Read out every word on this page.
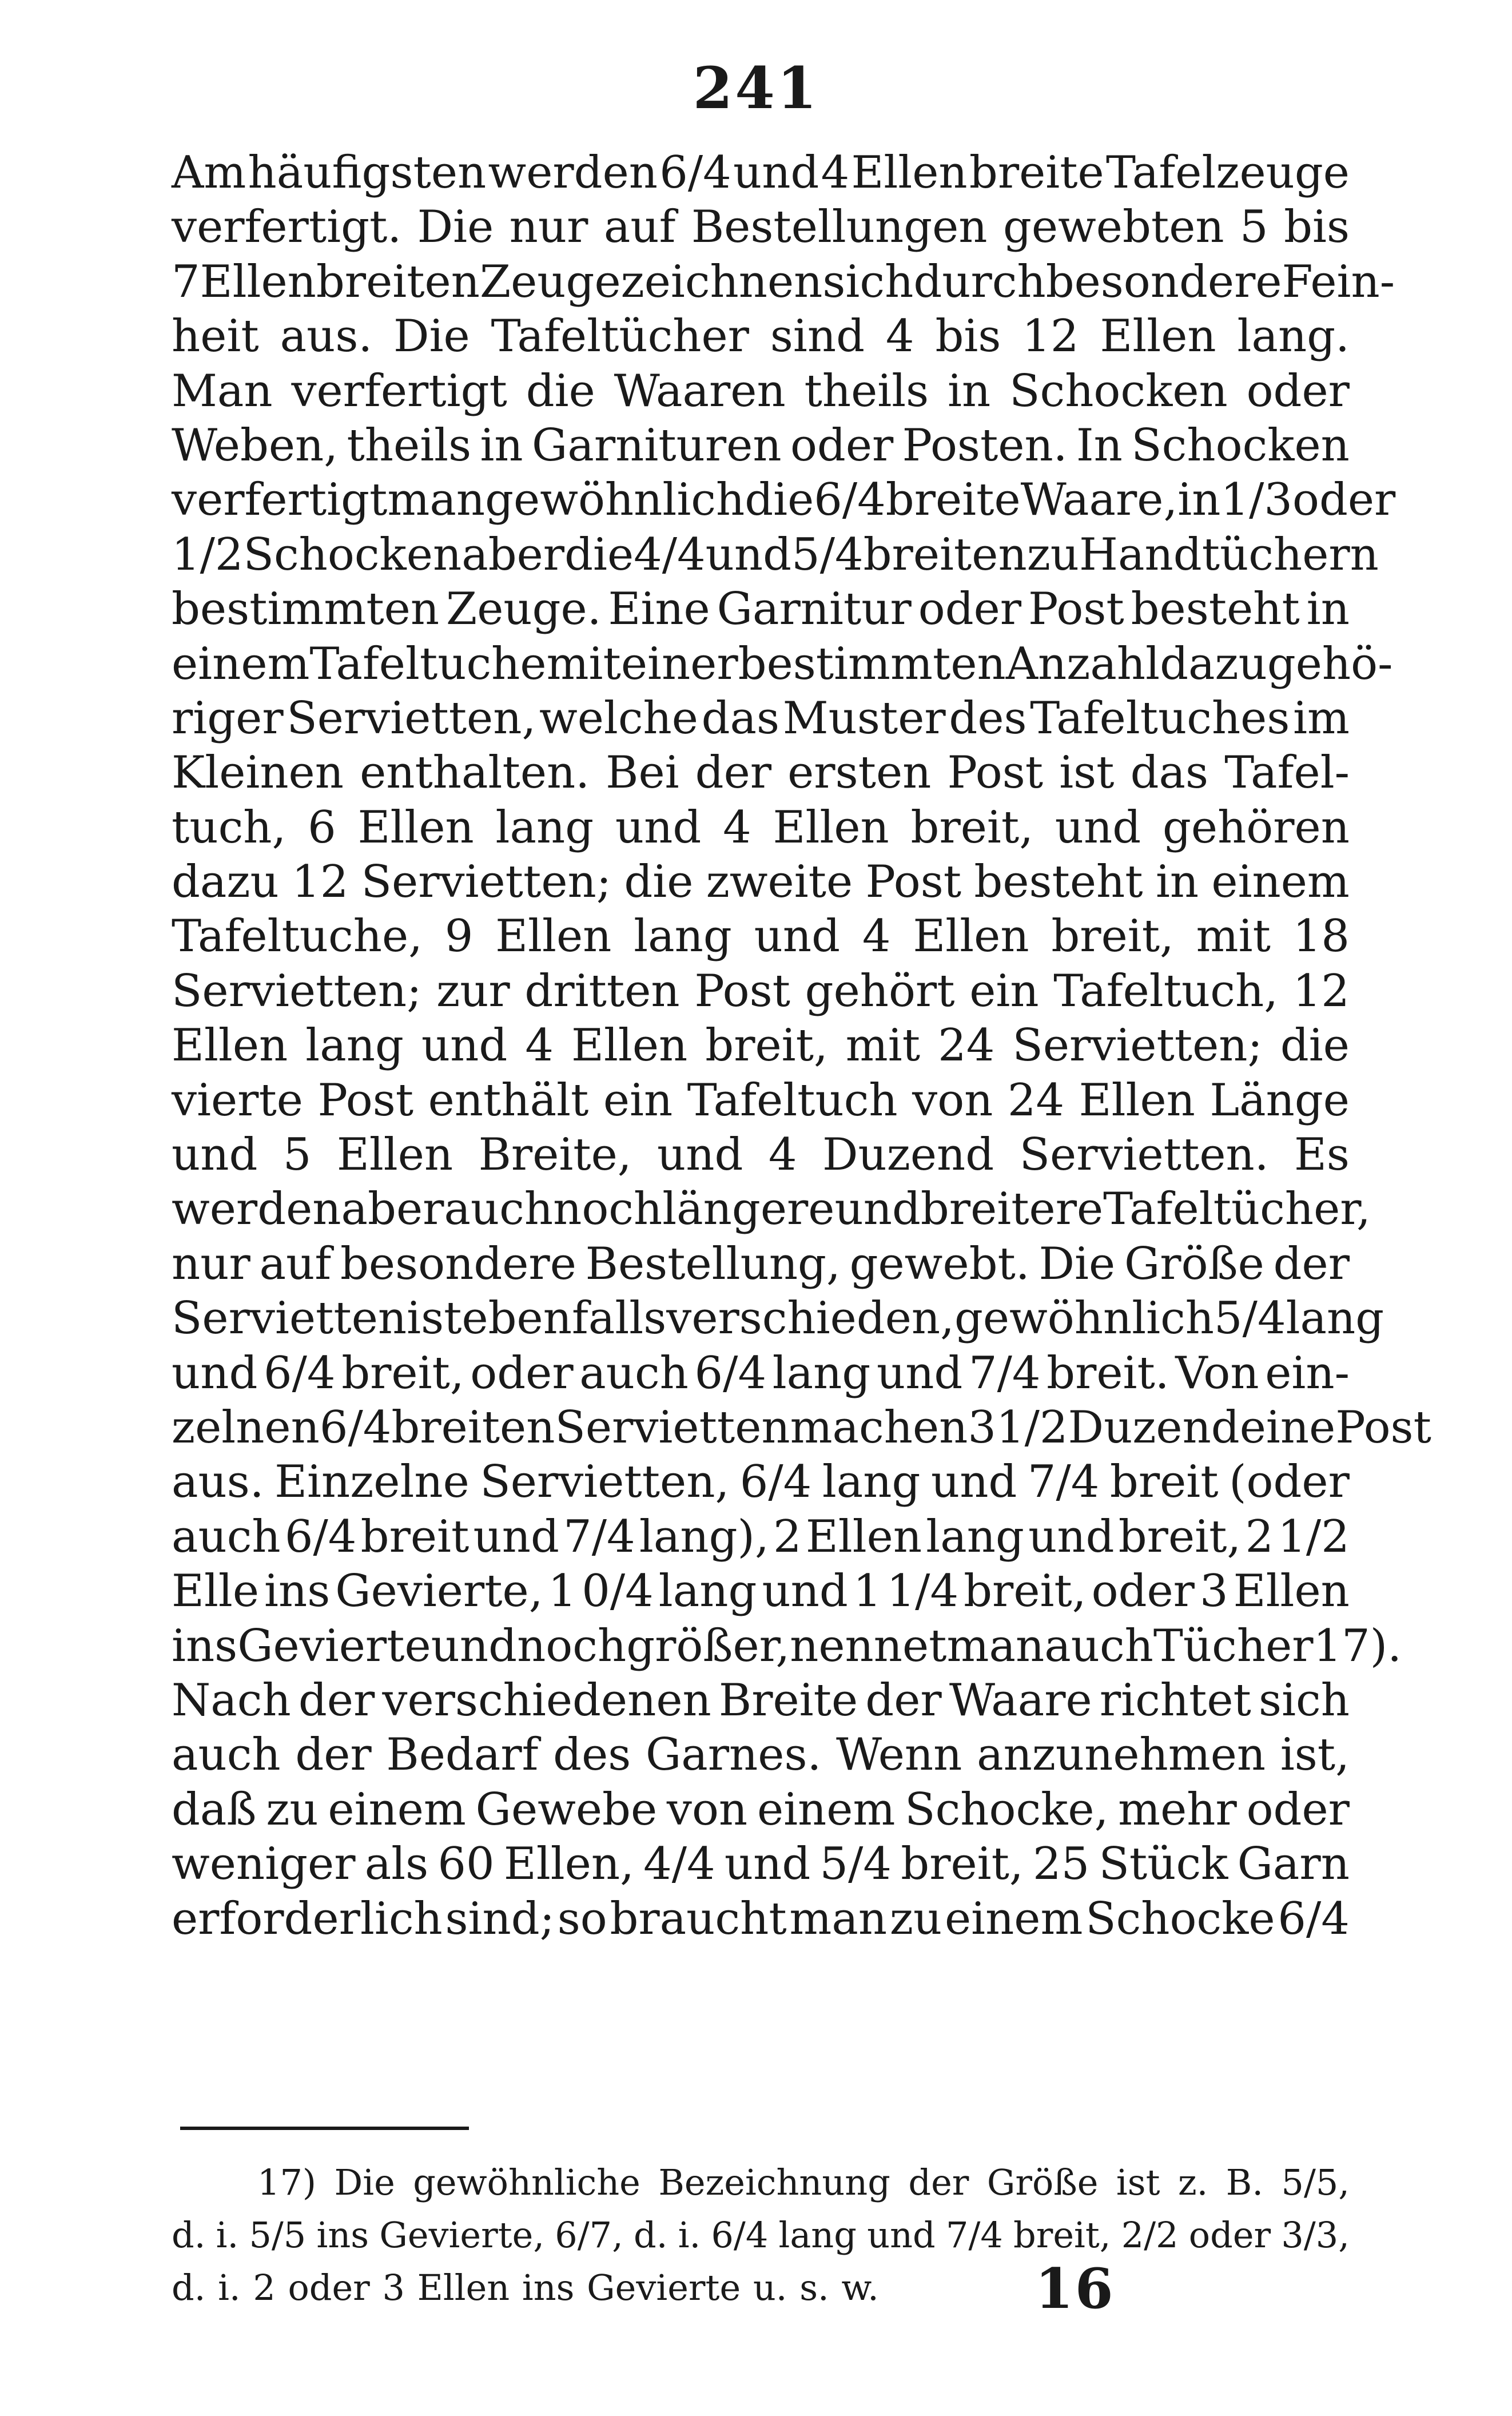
241
Am häufigsten werden 6/4 und 4 Ellen breite Tafelzeuge
verfertigt. Die nur auf Bestellungen gewebten 5 bis
7 Ellen breiten Zeuge zeichnen sich durch besondere Fein-
heit aus. Die Tafeltücher sind 4 bis 12 Ellen lang.
Man verfertigt die Waaren theils in Schocken oder
Weben, theils in Garnituren oder Posten. In Schocken
verfertigt man gewöhnlich die 6/4 breite Waare, in 1/3 oder
1/2 Schocken aber die 4/4 und 5/4 breiten zu Handtüchern
bestimmten Zeuge. Eine Garnitur oder Post besteht in
einem Tafeltuche mit einer bestimmten Anzahl dazu gehö-
riger Servietten, welche das Muster des Tafeltuches im
Kleinen enthalten. Bei der ersten Post ist das Tafel-
tuch, 6 Ellen lang und 4 Ellen breit, und gehören
dazu 12 Servietten; die zweite Post besteht in einem
Tafeltuche, 9 Ellen lang und 4 Ellen breit, mit 18
Servietten; zur dritten Post gehört ein Tafeltuch, 12
Ellen lang und 4 Ellen breit, mit 24 Servietten; die
vierte Post enthält ein Tafeltuch von 24 Ellen Länge
und 5 Ellen Breite, und 4 Duzend Servietten. Es
werden aber auch noch längere und breitere Tafeltücher,
nur auf besondere Bestellung, gewebt. Die Größe der
Servietten ist ebenfalls verschieden, gewöhnlich 5/4 lang
und 6/4 breit, oder auch 6/4 lang und 7/4 breit. Von ein-
zelnen 6/4 breiten Servietten machen 3 1/2 Duzend eine Post
aus. Einzelne Servietten, 6/4 lang und 7/4 breit (oder
auch 6/4 breit und 7/4 lang), 2 Ellen lang und breit, 2 1/2
Elle ins Gevierte, 1 0/4 lang und 1 1/4 breit, oder 3 Ellen
ins Gevierte und noch größer, nennet man auch Tücher 17).
Nach der verschiedenen Breite der Waare richtet sich
auch der Bedarf des Garnes. Wenn anzunehmen ist,
daß zu einem Gewebe von einem Schocke, mehr oder
weniger als 60 Ellen, 4/4 und 5/4 breit, 25 Stück Garn
erforderlich sind; so braucht man zu einem Schocke 6/4
17) Die gewöhnliche Bezeichnung der Größe ist z. B. 5/5,
d. i. 5/5 ins Gevierte, 6/7, d. i. 6/4 lang und 7/4 breit, 2/2 oder 3/3,
d. i. 2 oder 3 Ellen ins Gevierte u. s. w.	16
